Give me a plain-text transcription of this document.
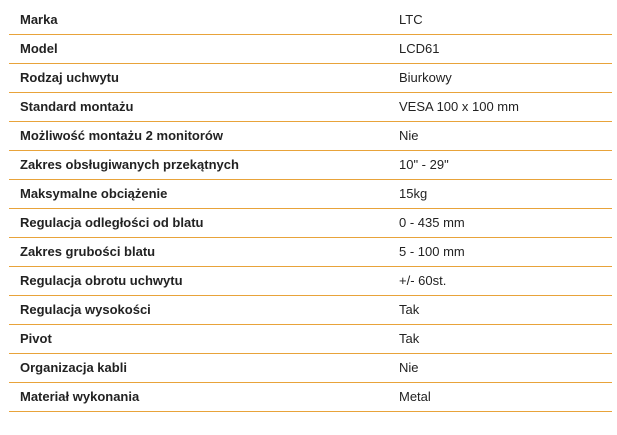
Marka	LTC
Model	LCD61
Rodzaj uchwytu	Biurkowy
Standard montażu	VESA 100 x 100 mm
Możliwość montażu 2 monitorów	Nie
Zakres obsługiwanych przekątnych	10" - 29"
Maksymalne obciążenie	15kg
Regulacja odległości od blatu	0 - 435 mm
Zakres grubości blatu	5 - 100 mm
Regulacja obrotu uchwytu	+/- 60st.
Regulacja wysokości	Tak
Pivot	Tak
Organizacja kabli	Nie
Materiał wykonania	Metal
